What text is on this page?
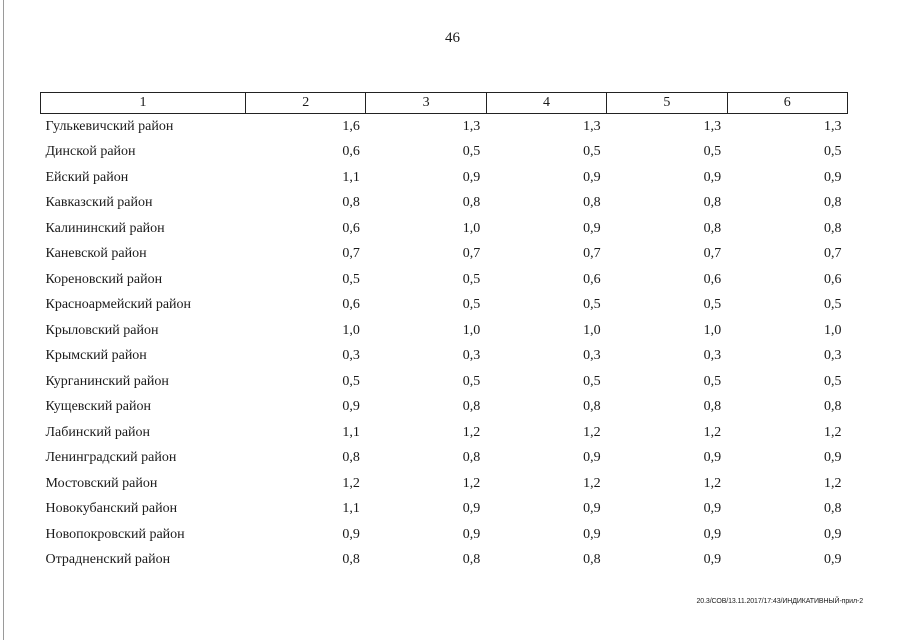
46
1	2	3	4	5	6
Гулькевичский район	1,6	1,3	1,3	1,3	1,3
Динской район	0,6	0,5	0,5	0,5	0,5
Ейский район	1,1	0,9	0,9	0,9	0,9
Кавказский район	0,8	0,8	0,8	0,8	0,8
Калининский район	0,6	1,0	0,9	0,8	0,8
Каневской район	0,7	0,7	0,7	0,7	0,7
Кореновский район	0,5	0,5	0,6	0,6	0,6
Красноармейский район	0,6	0,5	0,5	0,5	0,5
Крыловский район	1,0	1,0	1,0	1,0	1,0
Крымский район	0,3	0,3	0,3	0,3	0,3
Курганинский район	0,5	0,5	0,5	0,5	0,5
Кущевский район	0,9	0,8	0,8	0,8	0,8
Лабинский район	1,1	1,2	1,2	1,2	1,2
Ленинградский район	0,8	0,8	0,9	0,9	0,9
Мостовский район	1,2	1,2	1,2	1,2	1,2
Новокубанский район	1,1	0,9	0,9	0,9	0,8
Новопокровский район	0,9	0,9	0,9	0,9	0,9
Отрадненский район	0,8	0,8	0,8	0,9	0,9
20.3/СОВ/13.11.2017/17:43/ИНДИКАТИВНЫЙ-прил-2
